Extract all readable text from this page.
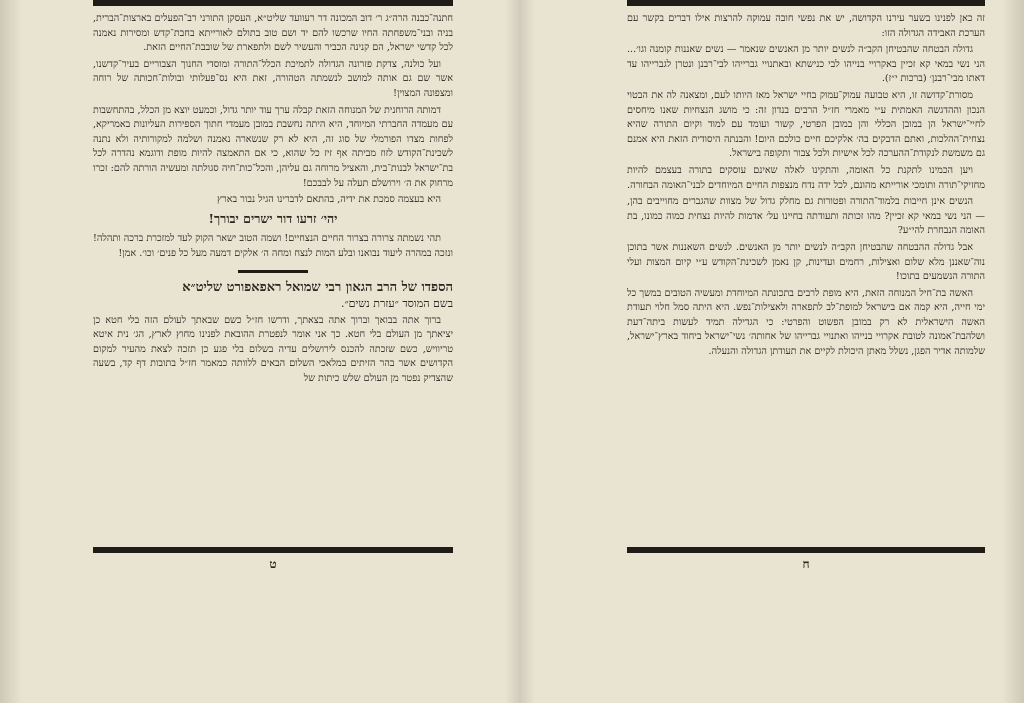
חתנה־כבנה הרה״ג ר׳ דוב המכונה דר רעוועד שליט״א, העסקן התורני רב־הפעלים בארצות־הברית, בניה ובני־משפחתה החיו שרכשו להם יד ושם טוב בתולם לאורייתא בחבת־קדש ומסירות נאמנה לכל קדשי ישראל, הם קנינה הכביר והעשיר לשם ולתפארת של שובבת־החיים הזאת.

ועל כולנה, צדקת פזרונה הגדולה לתמיכת הכלל־התורה ומוסדי החנוך הצבוריים בעיר־קדשנו, אשר שם גם אותה למושב לנשמתה הטהורה, זאת היא נס־פעלותי ובולות־חכותה של רוחה ומצפונה המצוין!

דמותה הרוחנית של המנוחה הזאת קבלה ערך עוד יותר גדול, וכמעט יוצא מן הכלל, בהתחשבות עם מעמדה החברתי המיוחד, היא היתה נחשבת במובן מעמדי חתוך הספירות העליונות באמריקא, לפחות מצדו הפורמלי של סוג זה, היא לא רק שנשארה נאמנה ושלמה למקורותיה ולא נתנה לשכינת־הקודש לזוז מביתה אף זיז כל שהוא, כי אם התאמצה להיות מופת ודוגמא נהדרה לכל בת־ישראל לבנות־בית, והאציל מרוחה גם עליהן, והכל־כות־חיה סגולתה ומעשיה הורתה להם: זכרו מרחוק את ה׳ וירושלם תעלה על לבבכם!

היא בעצמה סמכת את ידיה, בהתאם לדברינו הגיל נבור בארץ

יהי׳ זרעו דור ישרים יבורך!

תהי נשמתה צרורה בצרור החיים הנצחיים! ושמה הטוב ישאר הקוק לעד למזכרת ברכה ותהלה! ונזכה במהרה ליעוד נבואנו ובלע המות לנצח ומחה ה׳ אלקים דמעה מעל כל פנים׳ וכו׳. אמן!

הספדו של הרב הגאון רבי שמואל ראפאפורט שליט״א

בשם המוסד ״עזרת נשים״.

ברוך אתה בבואך וברוך אתה בצאתך, ודרשו חז״ל כשם שבאתך לעולם הזה בלי חטא כן יציאתך מן העולם בלי חטא. כך אני אומר לנפטרת ההובאת לפנינו מחוץ לארץ, הג׳ נית איטא טריוויש, כשם שזכתה להכנס לירושלים עדיה בשלום בלי פגע כן תזכה לצאת מהעיר למקום הקדושים אשר בהר הזיתים במלאכי השלום הבאים ללוותה כמאמר חז״ל בתובות דף קד, בשעה שהצדיק נפטר מן העולם שלש כיתות של

ט

זה כאן לפנינו בשער עירנו הקדושה, יש את נפשי חובה עמוקה להרצות אילו דברים בקשר עם הערכת האבידה הגדולה הזו:

גדולה הבטחה שהבטיחן הקב״ה לנשים יותר מן האנשים שנאמר — נשים שאננות קומנה וגו׳... הני נשי במאי קא זכיין באקרויי בנייהו לבי כנישתא ובאתנויי גברייהו לבי־רבנן ונטרן לגברייהו עד דאתו מבי־רבנן׳ (ברכות י״ז).

מסורת־קדושה זו, היא טבועה עמוק־עמוק בחיי ישראל מאז היותו לעם, ומצאנה לה את הבטוי הנכון וההדגשה האמתית ע״י מאמרי חז״ל הרבים בנדון זה: כי מושג הנצחיות שאנו מיחסים לחיי־ישראל הן במובן הכללי והן במובן הפרטי, קשור ועומד עם למוד וקיום התורה שהיא נצחית־ההלכות, ואתם הדבקים בה׳ אלקיכם חיים כולכם היום! והבנתה היסודית הזאת היא אמנם גם משמשת לנקודת־ההערכה לכל אישיות ולכל צבור ותקופה בישראל.

ויען הכמינו לתקנת כל האומה, והתקינו לאלה שאינם עוסקים בתורה בעצמם להיות מחזיקי־תורה ותומכי אורייתא מהונם, לכל ידה נדח מנצפות החיים המיוחדים לבני־האומה הבחורה.

הנשים אינן חייבות בלמוד־התורה ופטורות גם מחלק גדול של מצוות שהגברים מחוייבים בהן, — הני נשי במאי קא זכיין? מהו זכותה ותעודתה בחיינו על׳ אדמות להיות נצחית כמוה כמונו, בת האומה הנבחרת להי״ע?

אבל גדולה ההבטחה שהבטיחן הקב״ה לנשים יותר מן האנשים. לנשים השאננות אשר בתוכן נוה־שאננן מלא שלום ואצילות, רחמים ועדינות, קן נאמן לשכינת־הקודש ע״י קיום המצות ועלי התורה הנשמעים בתוכו!

האשה בת־חיל המנוחה הזאת, היא מופת לרבים בתכונתה המיוחדת ומעשיה הטובים במשך כל ימי חייה, היא קמה אם בישראל למופת־לב לתפארה ולאצילות־נפש. היא היתה סמל חלוי תעודת האשה הישראלית לא רק במובן הפשוט והפרטי: כי הגדילה תמיד לעשות ביתה־דעת ושלהבת־אמונה לטובת אקרויי בנייהו ואתנויי גברייהו של אחותה׳ נשי־ישראל ביחוד בארץ־ישראל, שלמותה אדיר הפגן, נשלל מאתן היכולת לקיים את תעודתן הגדולה והנעלה.

ח
